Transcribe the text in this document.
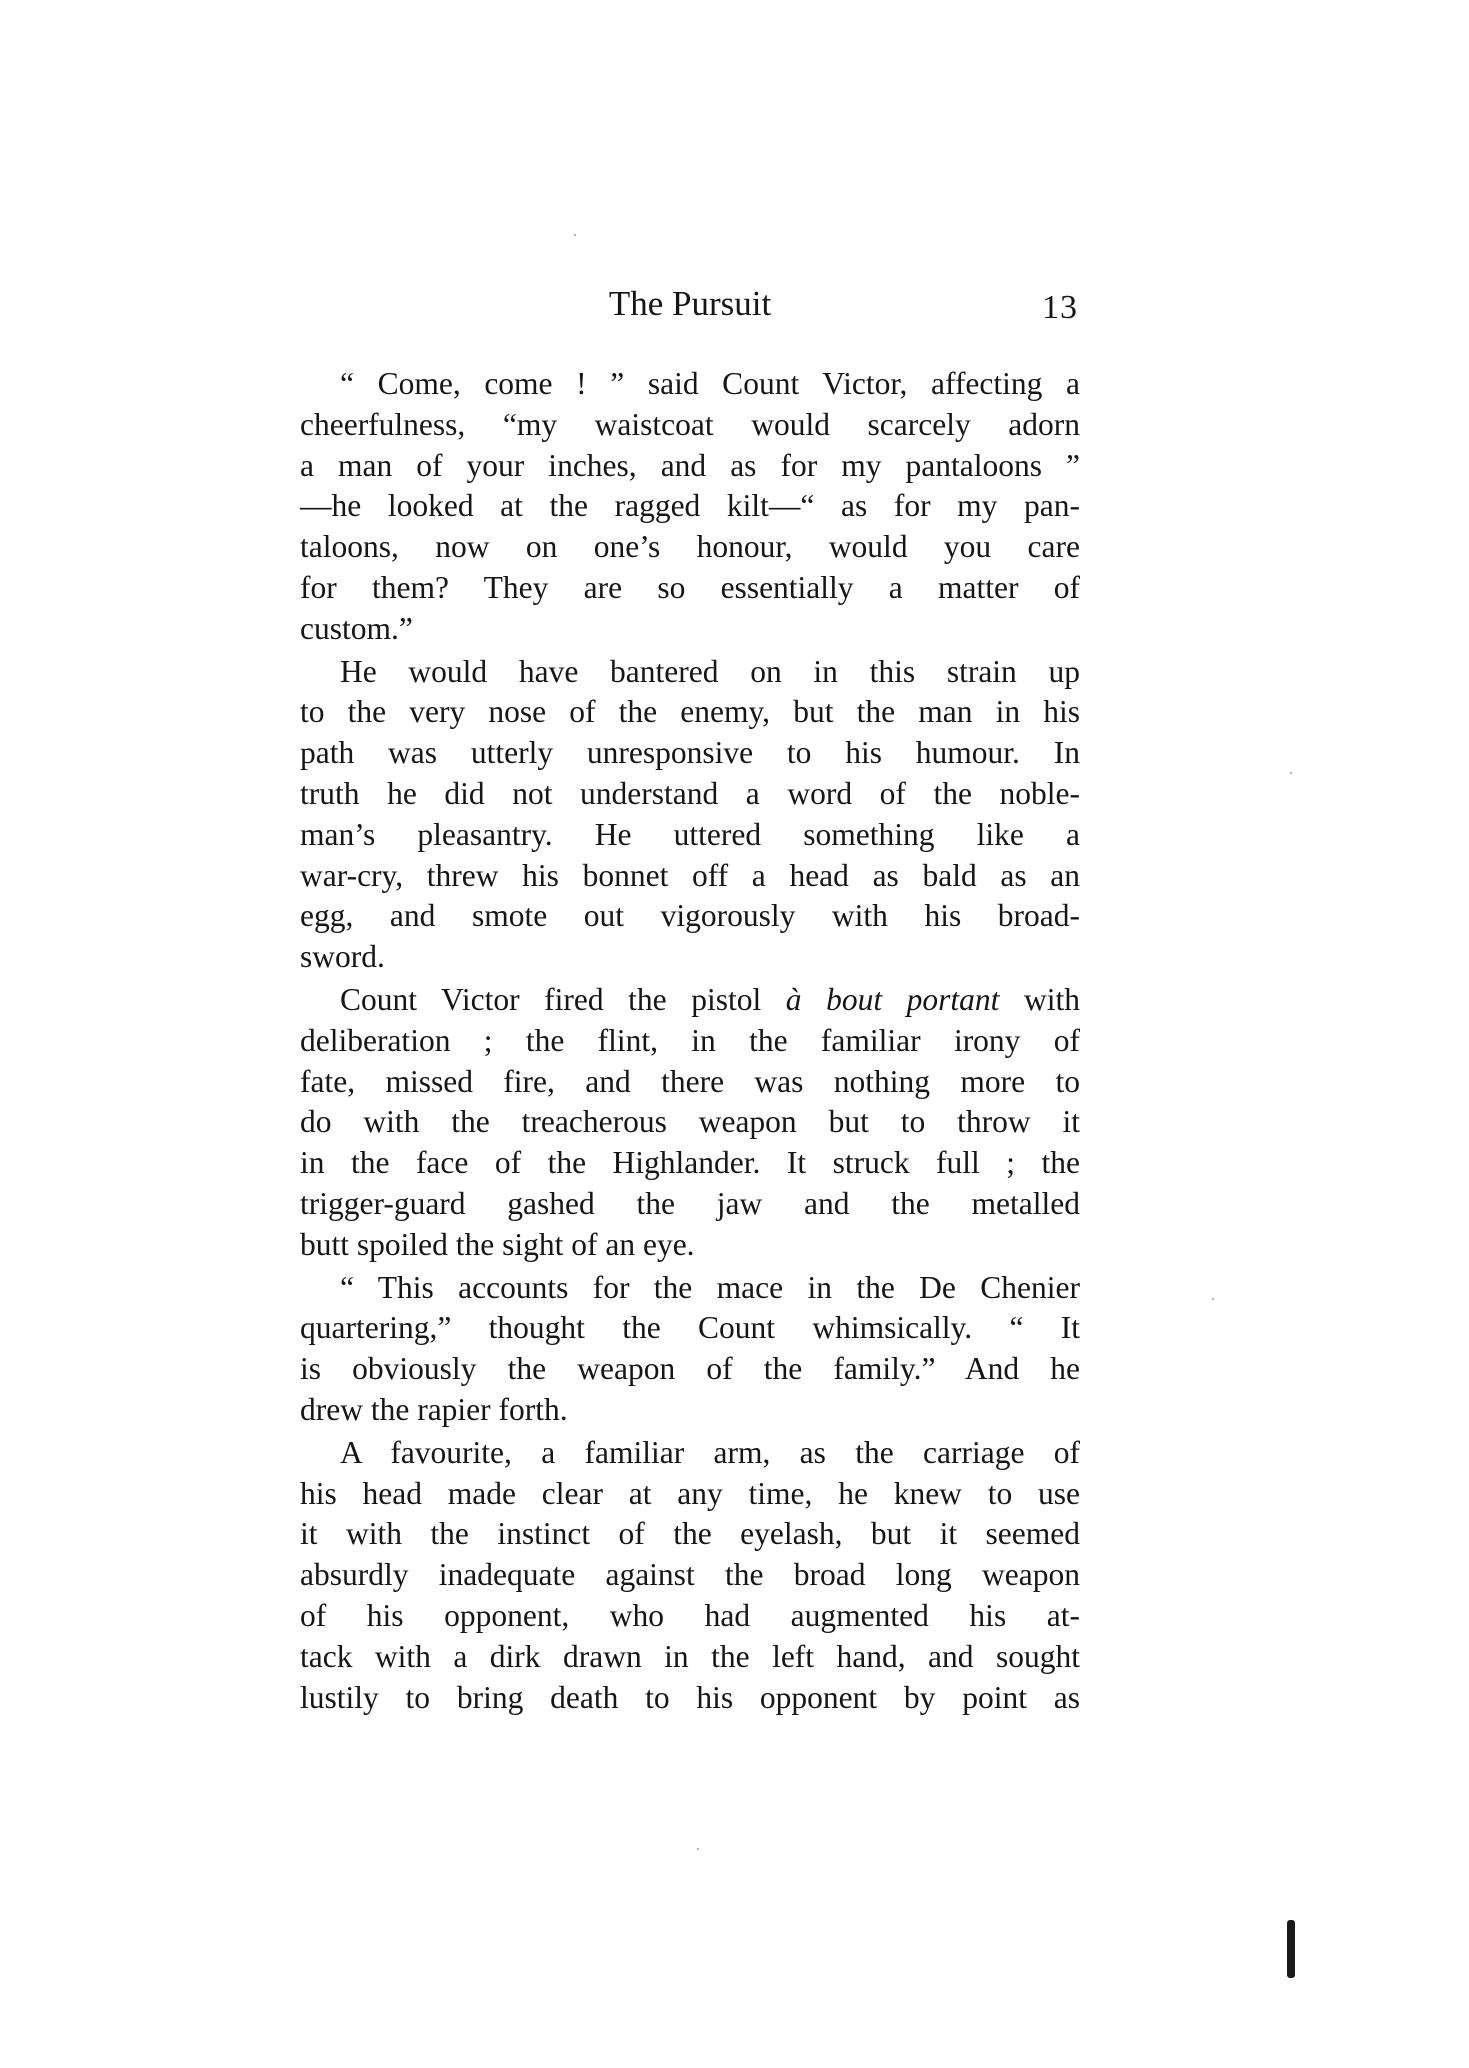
The Pursuit	13
“ Come, come ! ” said Count Victor, affecting a
cheerfulness, “my waistcoat would scarcely adorn
a man of your inches, and as for my pantaloons ”
—he looked at the ragged kilt—“ as for my pan-
taloons, now on one’s honour, would you care
for them? They are so essentially a matter of
custom.”
He would have bantered on in this strain up
to the very nose of the enemy, but the man in his
path was utterly unresponsive to his humour. In
truth he did not understand a word of the noble-
man’s pleasantry. He uttered something like a
war-cry, threw his bonnet off a head as bald as an
egg, and smote out vigorously with his broad-
sword.
Count Victor fired the pistol à bout portant with
deliberation ; the flint, in the familiar irony of
fate, missed fire, and there was nothing more to
do with the treacherous weapon but to throw it
in the face of the Highlander. It struck full ; the
trigger-guard gashed the jaw and the metalled
butt spoiled the sight of an eye.
“ This accounts for the mace in the De Chenier
quartering,” thought the Count whimsically. “ It
is obviously the weapon of the family.” And he
drew the rapier forth.
A favourite, a familiar arm, as the carriage of
his head made clear at any time, he knew to use
it with the instinct of the eyelash, but it seemed
absurdly inadequate against the broad long weapon
of his opponent, who had augmented his at-
tack with a dirk drawn in the left hand, and sought
lustily to bring death to his opponent by point as
